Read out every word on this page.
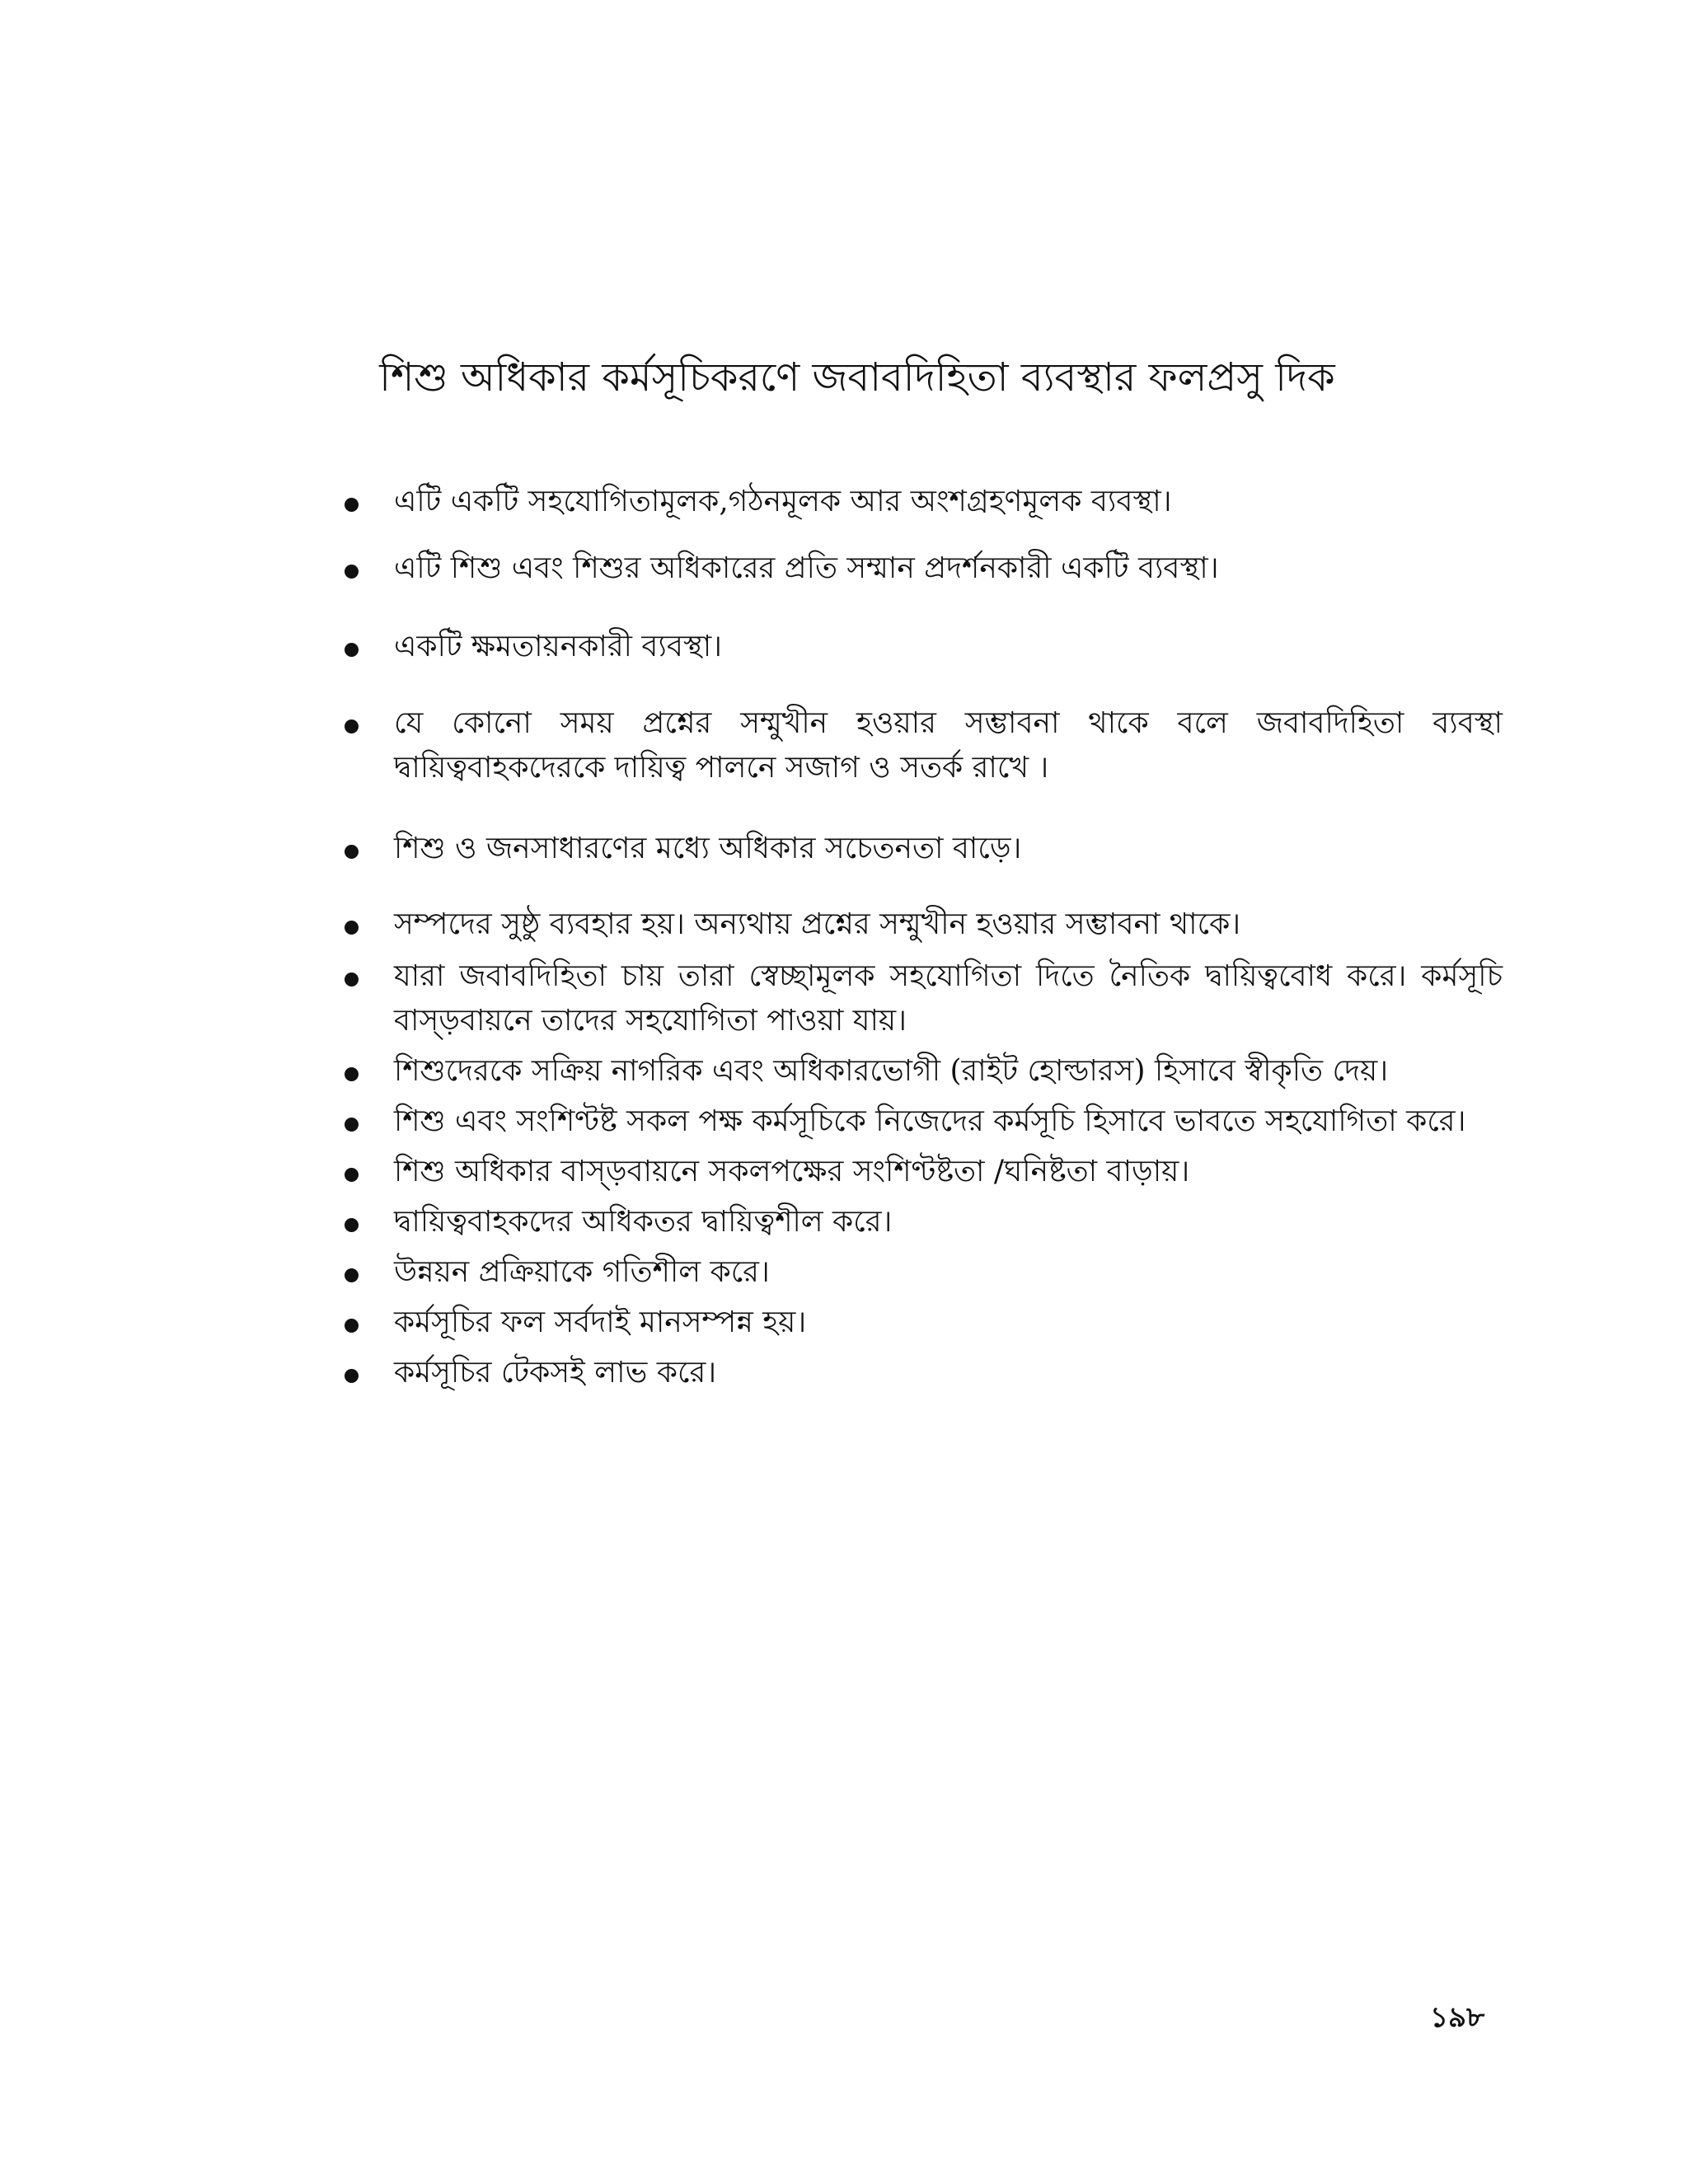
শিশু অধিকার কর্মসূচিকরণে জবাবদিহিতা ব্যবস্থার ফলপ্রসু দিক
এটি একটি সহযোগিতামূলক,গঠনমূলক আর অংশগ্রহণমূলক ব্যবস্থা।
এটি শিশু এবং শিশুর অধিকারের প্রতি সম্মান প্রদর্শনকারী একটি ব্যবস্থা।
একটি ক্ষমতায়নকারী ব্যবস্থা।
যে কোনো সময় প্রশ্নের সম্মুখীন হওয়ার সম্ভাবনা থাকে বলে জবাবদিহিতা ব্যবস্থা দ্বায়িত্ববাহকদেরকে দায়িত্ব পালনে সজাগ ও সতর্ক রাখে ।
শিশু ও জনসাধারণের মধ্যে অধিকার সচেতনতা বাড়ে।
সম্পদের সুষ্ঠু ব্যবহার হয়। অন্যথায় প্রশ্নের সম্মুখীন হওয়ার সম্ভাবনা থাকে।
যারা জবাবদিহিতা চায় তারা স্বেচ্ছামূলক সহযোগিতা দিতে নৈতিক দ্বায়িত্ববোধ করে। কর্মসূচি বাস্ড়বায়নে তাদের সহযোগিতা পাওয়া যায়।
শিশুদেরকে সক্রিয় নাগরিক এবং অধিকারভোগী (রাইট হোল্ডারস) হিসাবে স্বীকৃতি দেয়।
শিশু এবং সংশিণ্টষ্ট সকল পক্ষ কর্মসূচিকে নিজেদের কর্মসূচি হিসাবে ভাবতে সহযোগিতা করে।
শিশু অধিকার বাস্ড়বায়নে সকলপক্ষের সংশিণ্টষ্টতা /ঘনিষ্টতা বাড়ায়।
দ্বায়িত্ববাহকদের অধিকতর দ্বায়িত্বশীল করে।
উন্নয়ন প্রক্রিয়াকে গতিশীল করে।
কর্মসূচির ফল সর্বদাই মানসম্পন্ন হয়।
কর্মসূচির টেকসই লাভ করে।
১৯৮
